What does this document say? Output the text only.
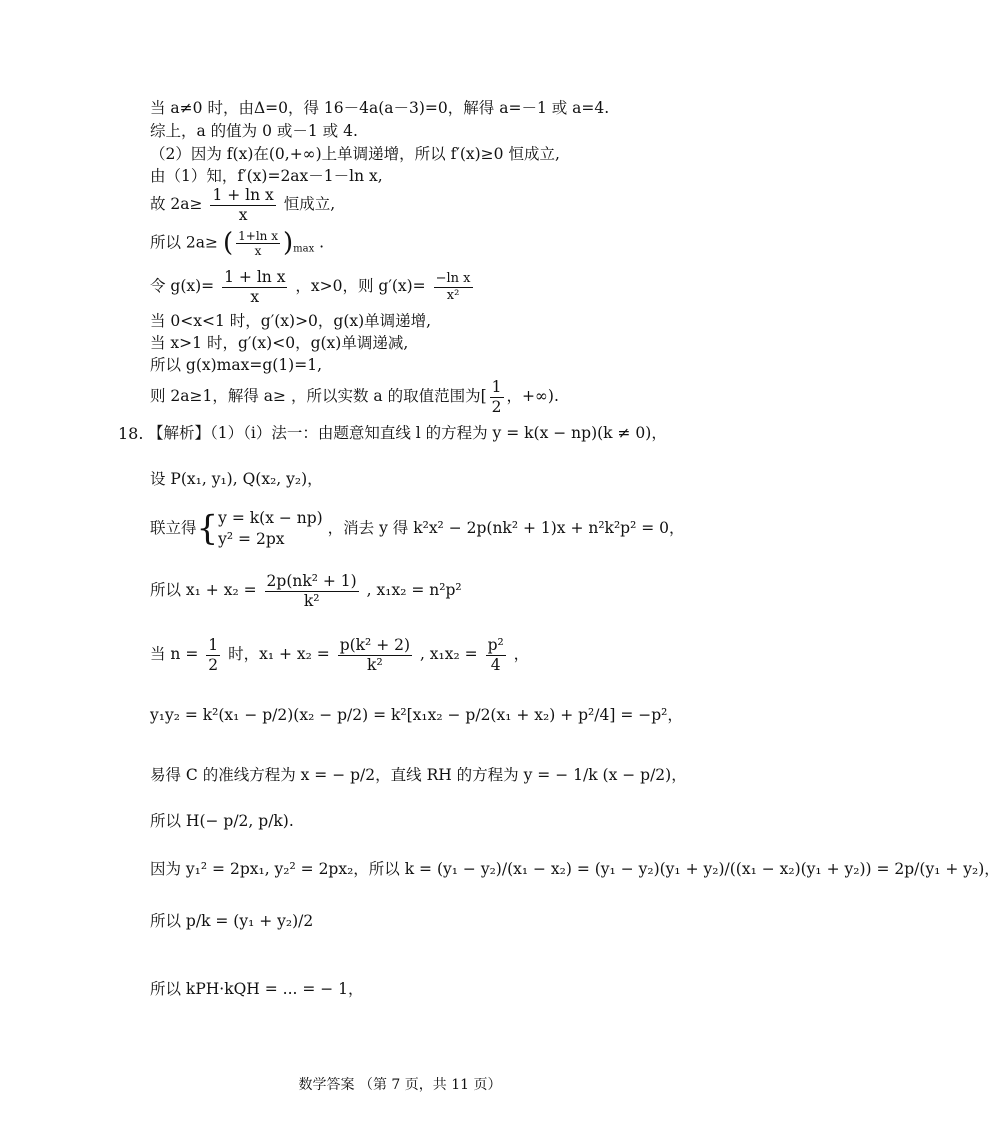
当 a≠0 时，由Δ=0，得 16－4a(a－3)=0，解得 a=－1 或 a=4.
综上，a 的值为 0 或－1 或 4.
（2）因为 f(x)在(0,+∞)上单调递增，所以 f′(x)≥0 恒成立,
由（1）知，f′(x)=2ax－1－ln x,
故 $2a\ge \frac{\text{1 + ln x}}{x}$ 恒成立,
所以 2a≥ ( $\frac{\text{1+ln x}}{x} )_{max}$ .
令 $g(x)= \frac{\text{1 + ln x}}{x}$ ，x>0，则 $g'(x)= \frac{\text{−ln x}}{\text{x²}}$
当 0<x<1 时，g′(x)>0，g(x)单调递增,
当 x>1 时，g′(x)<0，g(x)单调递减,
所以 g(x)max=g(1)=1,
则 2a≥1，解得 a≥ ，所以实数 a 的取值范围为[ $\frac{1}{2}$ ，+∞).
18. 【解析】（1）（i）法一：由题意知直线 l 的方程为 y = k(x − np)(k ≠ 0)，
设 P(x₁, y₁), Q(x₂, y₂)，
联立得{ y = k(x − np)
y² = 2px
，消去 y 得 k²x² − 2p(nk² + 1)x + n²k²p² = 0，
所以 $x_1 + x_2 = \frac{\text{2p(nk² + 1)}}{\text{k²}}$ , x₁x₂ = n²p²
当 $n = \frac{1}{2}$ 时，$x_1 + x_2 = \frac{\text{p(k² + 2)}}{\text{k²}}$ , $x_1x_2 = \frac{\text{p²}}{4}$ ，
y₁y₂ = k²(x₁ − p/2)(x₂ − p/2) = k²[x₁x₂ − p/2(x₁ + x₂) + p²/4] = −p²，
易得 C 的准线方程为 x = − p/2，直线 RH 的方程为 y = − 1/k (x − p/2)，
所以 H(− p/2, p/k).
因为 y₁² = 2px₁, y₂² = 2px₂，所以 k = (y₁ − y₂)/(x₁ − x₂) = (y₁ − y₂)(y₁ + y₂)/((x₁ − x₂)(y₁ + y₂)) = 2p/(y₁ + y₂)，
所以 p/k = (y₁ + y₂)/2
所以 kPH·kQH = ... = − 1，
数学答案 （第 7 页，共 11 页）
